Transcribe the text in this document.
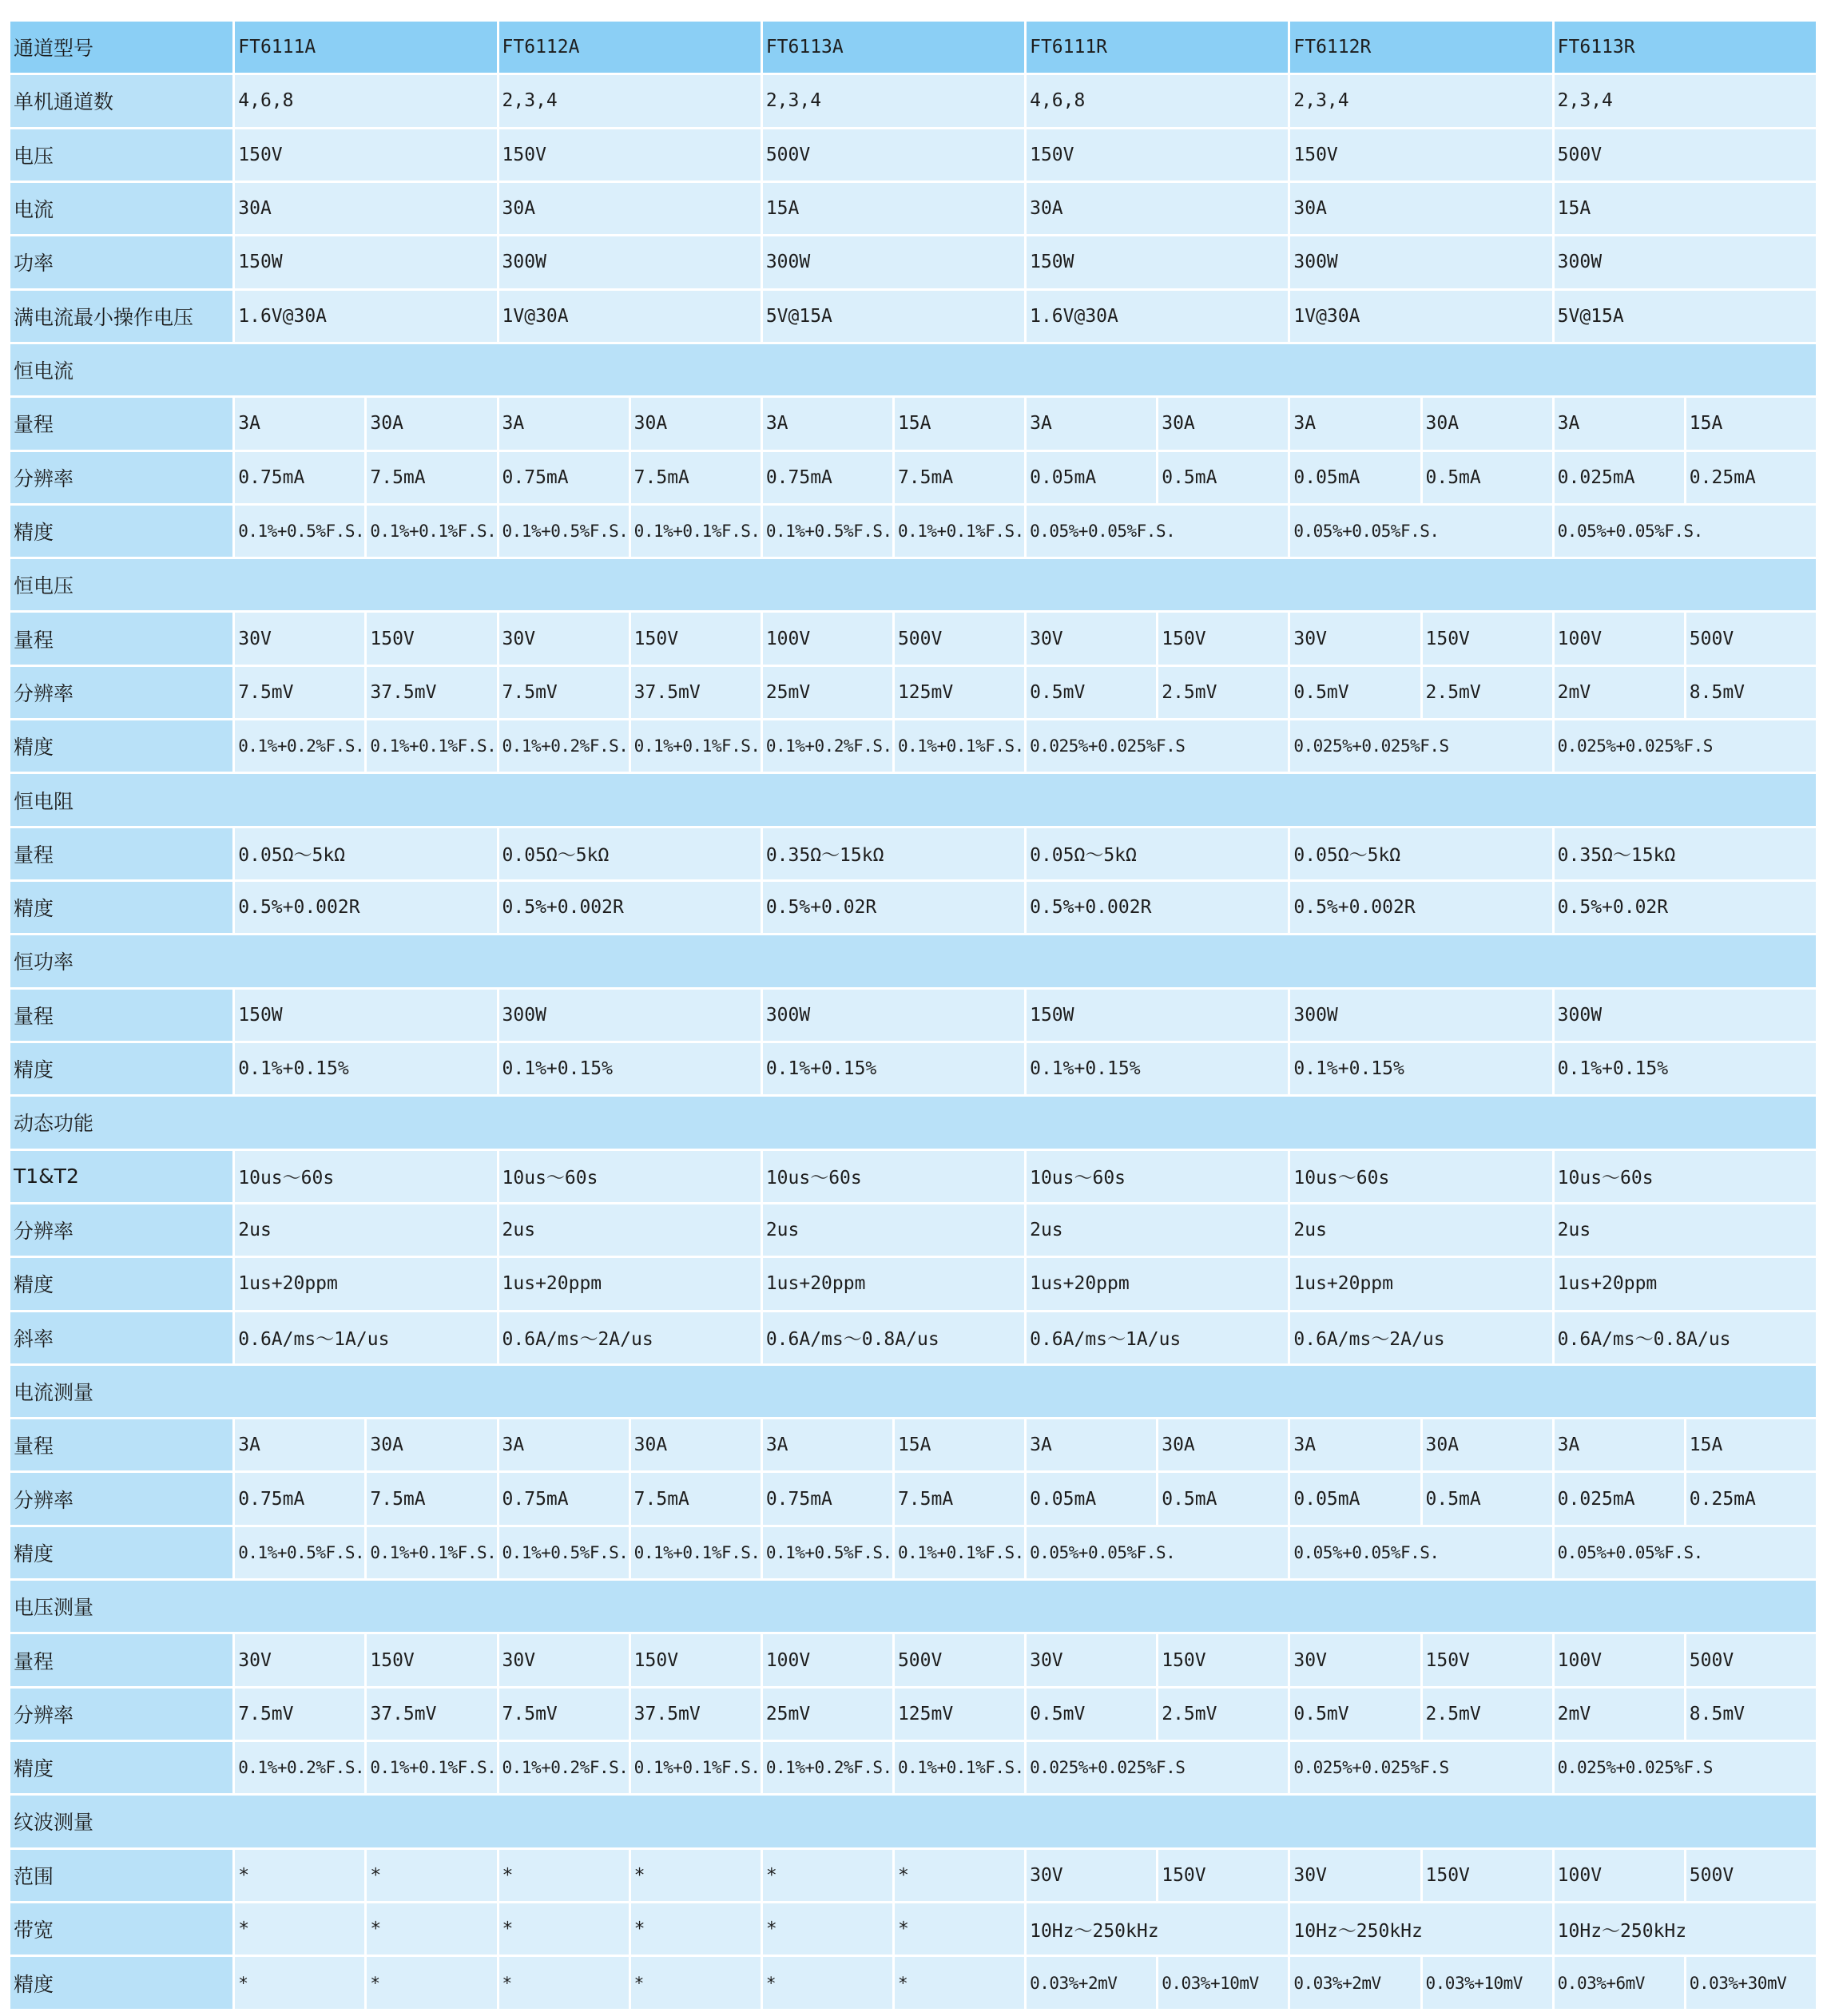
通道型号	FT6111A		FT6112A		FT6113A		FT6111R		FT6112R		FT6113R	
单机通道数	4,6,8		2,3,4		2,3,4		4,6,8		2,3,4		2,3,4	
电压	150V		150V		500V		150V		150V		500V	
电流	30A		30A		15A		30A		30A		15A	
功率	150W		300W		300W		150W		300W		300W	
满电流最小操作电压	1.6V@30A		1V@30A		5V@15A		1.6V@30A		1V@30A		5V@15A	
恒电流												
量程	3A	30A	3A	30A	3A	15A	3A	30A	3A	30A	3A	15A
分辨率	0.75mA	7.5mA	0.75mA	7.5mA	0.75mA	7.5mA	0.05mA	0.5mA	0.05mA	0.5mA	0.025mA	0.25mA
精度	0.1%+0.5%F.S.	0.1%+0.1%F.S.	0.1%+0.5%F.S.	0.1%+0.1%F.S.	0.1%+0.5%F.S.	0.1%+0.1%F.S.	0.05%+0.05%F.S.		0.05%+0.05%F.S.		0.05%+0.05%F.S.	
恒电压												
量程	30V	150V	30V	150V	100V	500V	30V	150V	30V	150V	100V	500V
分辨率	7.5mV	37.5mV	7.5mV	37.5mV	25mV	125mV	0.5mV	2.5mV	0.5mV	2.5mV	2mV	8.5mV
精度	0.1%+0.2%F.S.	0.1%+0.1%F.S.	0.1%+0.2%F.S.	0.1%+0.1%F.S.	0.1%+0.2%F.S.	0.1%+0.1%F.S.	0.025%+0.025%F.S		0.025%+0.025%F.S		0.025%+0.025%F.S	
恒电阻												
量程	0.05Ω～5kΩ		0.05Ω～5kΩ		0.35Ω～15kΩ		0.05Ω～5kΩ		0.05Ω～5kΩ		0.35Ω～15kΩ	
精度	0.5%+0.002R		0.5%+0.002R		0.5%+0.02R		0.5%+0.002R		0.5%+0.002R		0.5%+0.02R	
恒功率												
量程	150W		300W		300W		150W		300W		300W	
精度	0.1%+0.15%		0.1%+0.15%		0.1%+0.15%		0.1%+0.15%		0.1%+0.15%		0.1%+0.15%	
动态功能												
T1&T2	10us～60s		10us～60s		10us～60s		10us～60s		10us～60s		10us～60s	
分辨率	2us		2us		2us		2us		2us		2us	
精度	1us+20ppm		1us+20ppm		1us+20ppm		1us+20ppm		1us+20ppm		1us+20ppm	
斜率	0.6A/ms～1A/us		0.6A/ms～2A/us		0.6A/ms～0.8A/us		0.6A/ms～1A/us		0.6A/ms～2A/us		0.6A/ms～0.8A/us	
电流测量												
量程	3A	30A	3A	30A	3A	15A	3A	30A	3A	30A	3A	15A
分辨率	0.75mA	7.5mA	0.75mA	7.5mA	0.75mA	7.5mA	0.05mA	0.5mA	0.05mA	0.5mA	0.025mA	0.25mA
精度	0.1%+0.5%F.S.	0.1%+0.1%F.S.	0.1%+0.5%F.S.	0.1%+0.1%F.S.	0.1%+0.5%F.S.	0.1%+0.1%F.S.	0.05%+0.05%F.S.		0.05%+0.05%F.S.		0.05%+0.05%F.S.	
电压测量												
量程	30V	150V	30V	150V	100V	500V	30V	150V	30V	150V	100V	500V
分辨率	7.5mV	37.5mV	7.5mV	37.5mV	25mV	125mV	0.5mV	2.5mV	0.5mV	2.5mV	2mV	8.5mV
精度	0.1%+0.2%F.S.	0.1%+0.1%F.S.	0.1%+0.2%F.S.	0.1%+0.1%F.S.	0.1%+0.2%F.S.	0.1%+0.1%F.S.	0.025%+0.025%F.S		0.025%+0.025%F.S		0.025%+0.025%F.S	
纹波测量												
范围	*	*	*	*	*	*	30V	150V	30V	150V	100V	500V
带宽	*	*	*	*	*	*	10Hz～250kHz		10Hz～250kHz		10Hz～250kHz	
精度	*	*	*	*	*	*	0.03%+2mV	0.03%+10mV	0.03%+2mV	0.03%+10mV	0.03%+6mV	0.03%+30mV
